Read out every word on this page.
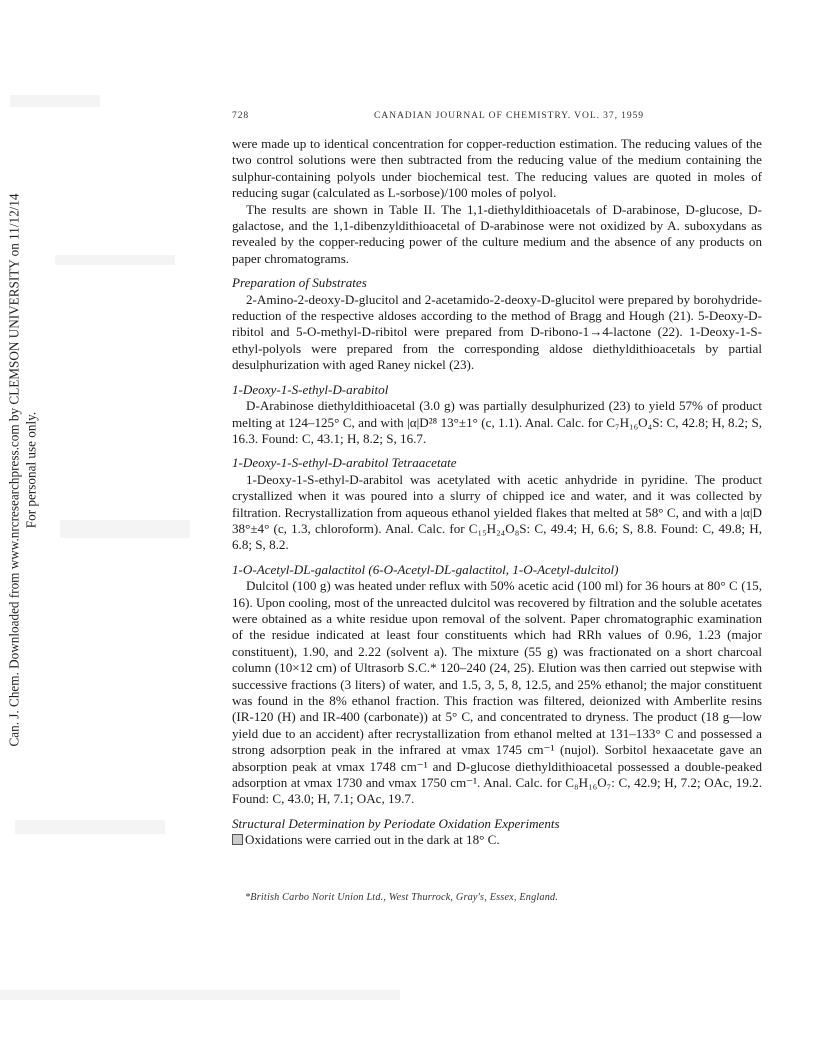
Can. J. Chem. Downloaded from www.nrcresearchpress.com by CLEMSON UNIVERSITY on 11/12/14 For personal use only.
728	CANADIAN JOURNAL OF CHEMISTRY. VOL. 37, 1959

were made up to identical concentration for copper-reduction estimation. The reducing values of the two control solutions were then subtracted from the reducing value of the medium containing the sulphur-containing polyols under biochemical test. The reducing values are quoted in moles of reducing sugar (calculated as L-sorbose)/100 moles of polyol.

The results are shown in Table II. The 1,1-diethyldithioacetals of D-arabinose, D-glucose, D-galactose, and the 1,1-dibenzyldithioacetal of D-arabinose were not oxidized by A. suboxydans as revealed by the copper-reducing power of the culture medium and the absence of any products on paper chromatograms.

Preparation of Substrates

2-Amino-2-deoxy-D-glucitol and 2-acetamido-2-deoxy-D-glucitol were prepared by borohydride-reduction of the respective aldoses according to the method of Bragg and Hough (21). 5-Deoxy-D-ribitol and 5-O-methyl-D-ribitol were prepared from D-ribono-1→4-lactone (22). 1-Deoxy-1-S-ethyl-polyols were prepared from the corresponding aldose diethyldithioacetals by partial desulphurization with aged Raney nickel (23).

1-Deoxy-1-S-ethyl-D-arabitol

D-Arabinose diethyldithioacetal (3.0 g) was partially desulphurized (23) to yield 57% of product melting at 124–125° C, and with |α|D²⁸ 13°±1° (c, 1.1). Anal. Calc. for C₇H₁₆O₄S: C, 42.8; H, 8.2; S, 16.3. Found: C, 43.1; H, 8.2; S, 16.7.

1-Deoxy-1-S-ethyl-D-arabitol Tetraacetate

1-Deoxy-1-S-ethyl-D-arabitol was acetylated with acetic anhydride in pyridine. The product crystallized when it was poured into a slurry of chipped ice and water, and it was collected by filtration. Recrystallization from aqueous ethanol yielded flakes that melted at 58° C, and with a |α|D 38°±4° (c, 1.3, chloroform). Anal. Calc. for C₁₅H₂₄O₈S: C, 49.4; H, 6.6; S, 8.8. Found: C, 49.8; H, 6.8; S, 8.2.

1-O-Acetyl-DL-galactitol (6-O-Acetyl-DL-galactitol, 1-O-Acetyl-dulcitol)

Dulcitol (100 g) was heated under reflux with 50% acetic acid (100 ml) for 36 hours at 80° C (15, 16). Upon cooling, most of the unreacted dulcitol was recovered by filtration and the soluble acetates were obtained as a white residue upon removal of the solvent. Paper chromatographic examination of the residue indicated at least four constituents which had RRh values of 0.96, 1.23 (major constituent), 1.90, and 2.22 (solvent a). The mixture (55 g) was fractionated on a short charcoal column (10×12 cm) of Ultrasorb S.C.* 120–240 (24, 25). Elution was then carried out stepwise with successive fractions (3 liters) of water, and 1.5, 3, 5, 8, 12.5, and 25% ethanol; the major constituent was found in the 8% ethanol fraction. This fraction was filtered, deionized with Amberlite resins (IR-120 (H) and IR-400 (carbonate)) at 5° C, and concentrated to dryness. The product (18 g—low yield due to an accident) after recrystallization from ethanol melted at 131–133° C and possessed a strong adsorption peak in the infrared at νmax 1745 cm⁻¹ (nujol). Sorbitol hexaacetate gave an absorption peak at νmax 1748 cm⁻¹ and D-glucose diethyldithioacetal possessed a double-peaked adsorption at νmax 1730 and νmax 1750 cm⁻¹. Anal. Calc. for C₈H₁₆O₇: C, 42.9; H, 7.2; OAc, 19.2. Found: C, 43.0; H, 7.1; OAc, 19.7.

Structural Determination by Periodate Oxidation Experiments

Oxidations were carried out in the dark at 18° C.

*British Carbo Norit Union Ltd., West Thurrock, Gray's, Essex, England.
